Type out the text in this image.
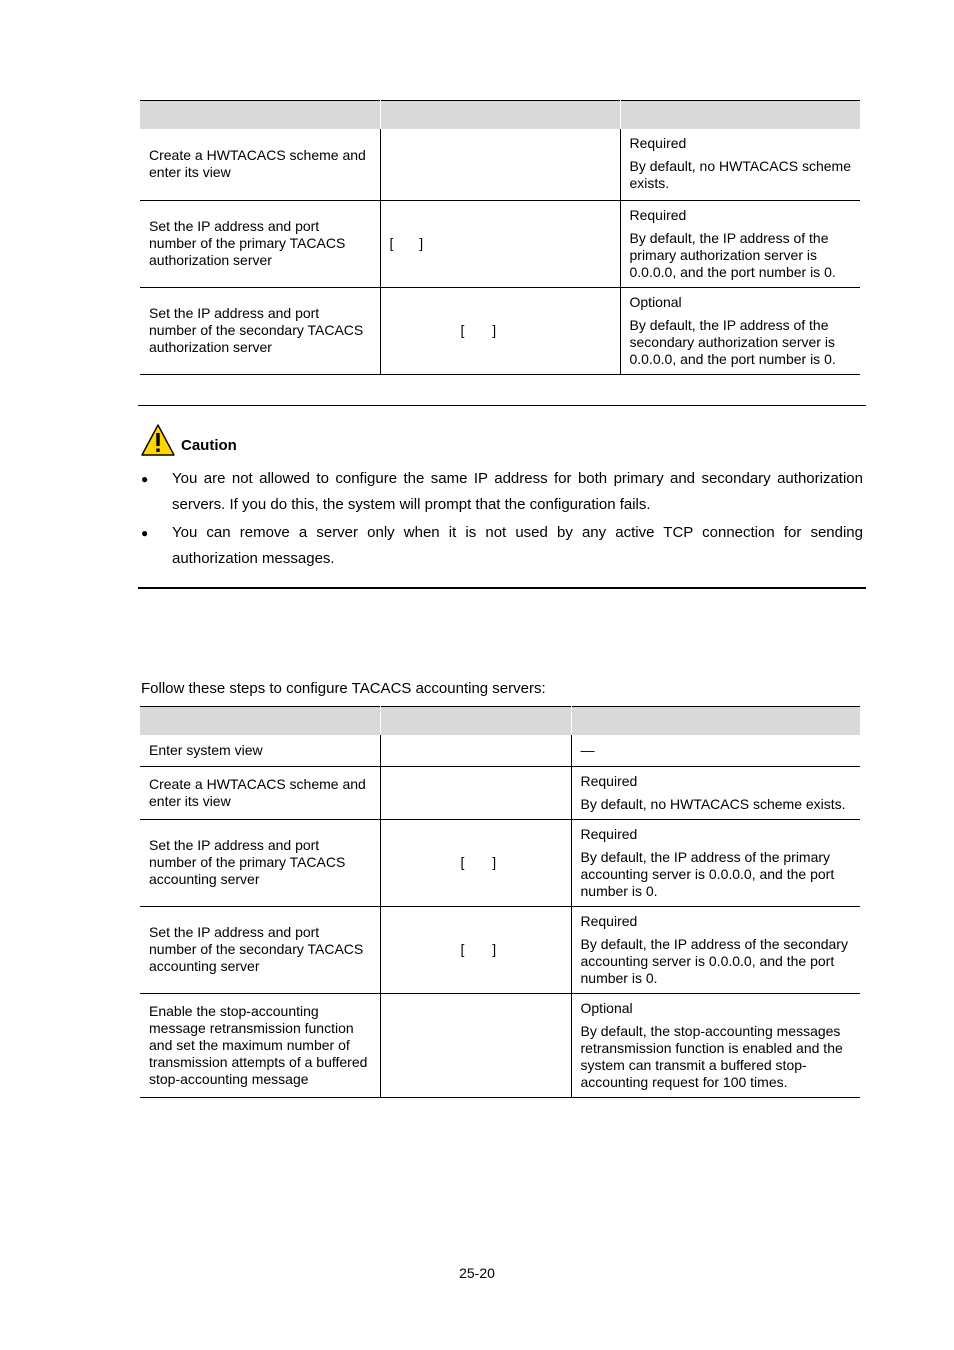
Create a HWTACACS scheme and enter its view		Required
By default, no HWTACACS scheme exists.

Set the IP address and port number of the primary TACACS authorization server	[ ]	Required
By default, the IP address of the primary authorization server is 0.0.0.0, and the port number is 0.

Set the IP address and port number of the secondary TACACS authorization server	[ ]	Optional
By default, the IP address of the secondary authorization server is 0.0.0.0, and the port number is 0.
Caution
● You are not allowed to configure the same IP address for both primary and secondary authorization servers. If you do this, the system will prompt that the configuration fails.
● You can remove a server only when it is not used by any active TCP connection for sending authorization messages.

Follow these steps to configure TACACS accounting servers:

Enter system view		—
Create a HWTACACS scheme and enter its view		Required
By default, no HWTACACS scheme exists.

Set the IP address and port number of the primary TACACS accounting server	[ ]	Required
By default, the IP address of the primary accounting server is 0.0.0.0, and the port number is 0.

Set the IP address and port number of the secondary TACACS accounting server	[ ]	Required
By default, the IP address of the secondary accounting server is 0.0.0.0, and the port number is 0.

Enable the stop-accounting message retransmission function and set the maximum number of transmission attempts of a buffered stop-accounting message		Optional
By default, the stop-accounting messages retransmission function is enabled and the system can transmit a buffered stop-accounting request for 100 times.
25-20
